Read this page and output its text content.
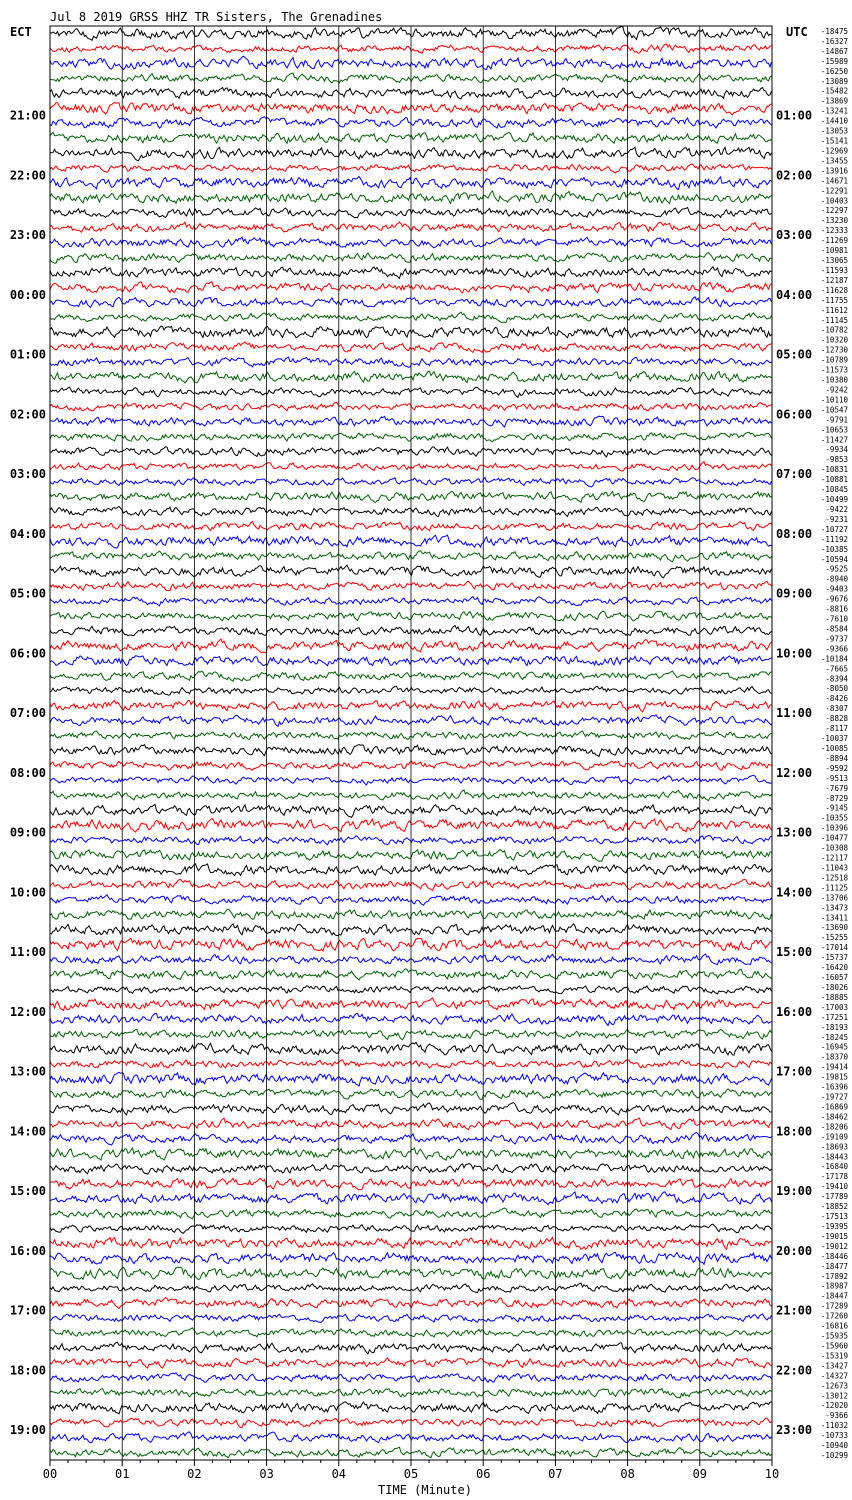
00	01	02	03	04	05	06	07	08	09	10
21:00
22:00
23:00
00:00
01:00
02:00
03:00
04:00
05:00
06:00
07:00
08:00
09:00
10:00
11:00
12:00
13:00
14:00
15:00
16:00
17:00
18:00
19:00
01:00
02:00
03:00
04:00
05:00
06:00
07:00
08:00
09:00
10:00
11:00
12:00
13:00
14:00
15:00
16:00
17:00
18:00
19:00
20:00
21:00
22:00
23:00
-18475
-16327
-14867
-15989
-16250
-13089
-15482
-13869
-13241
-14410
-13053
-15141
-12969
-13455
-13916
-14671
-12291
-10403
-12297
-13230
-12333
-11269
-10981
-13065
-11593
-12187
-11628
-11755
-11612
-11145
-10782
-10320
-12730
-10789
-11573
-10380
-9242
-10110
-10547
-9791
-10653
-11427
-9934
-9853
-10831
-10881
-10845
-10499
-9422
-9231
-10727
-11192
-10385
-10594
-9525
-8940
-9403
-9676
-8816
-7610
-8584
-9737
-9366
-10184
-7665
-8394
-8050
-8426
-8307
-8828
-8117
-10037
-10085
-8894
-9592
-9513
-7679
-8729
-9145
-10355
-10396
-10477
-10308
-12117
-11043
-12518
-11125
-13706
-13473
-13411
-13690
-15255
-17014
-15737
-16420
-16057
-18026
-18885
-17003
-17251
-18193
-18245
-16945
-18370
-19414
-19815
-16396
-19727
-16869
-18462
-18206
-19109
-18693
-18443
-16840
-17178
-19410
-17789
-18852
-17513
-19395
-19015
-19012
-18446
-18477
-17892
-18987
-18447
-17289
-17260
-16816
-15935
-15960
-15319
-13427
-14327
-12673
-13012
-12020
-9366
-11032
-10733
-10940
-10299
Jul 8 2019 GRSS HHZ TR Sisters, The Grenadines
ECT	UTC
TIME (Minute)
